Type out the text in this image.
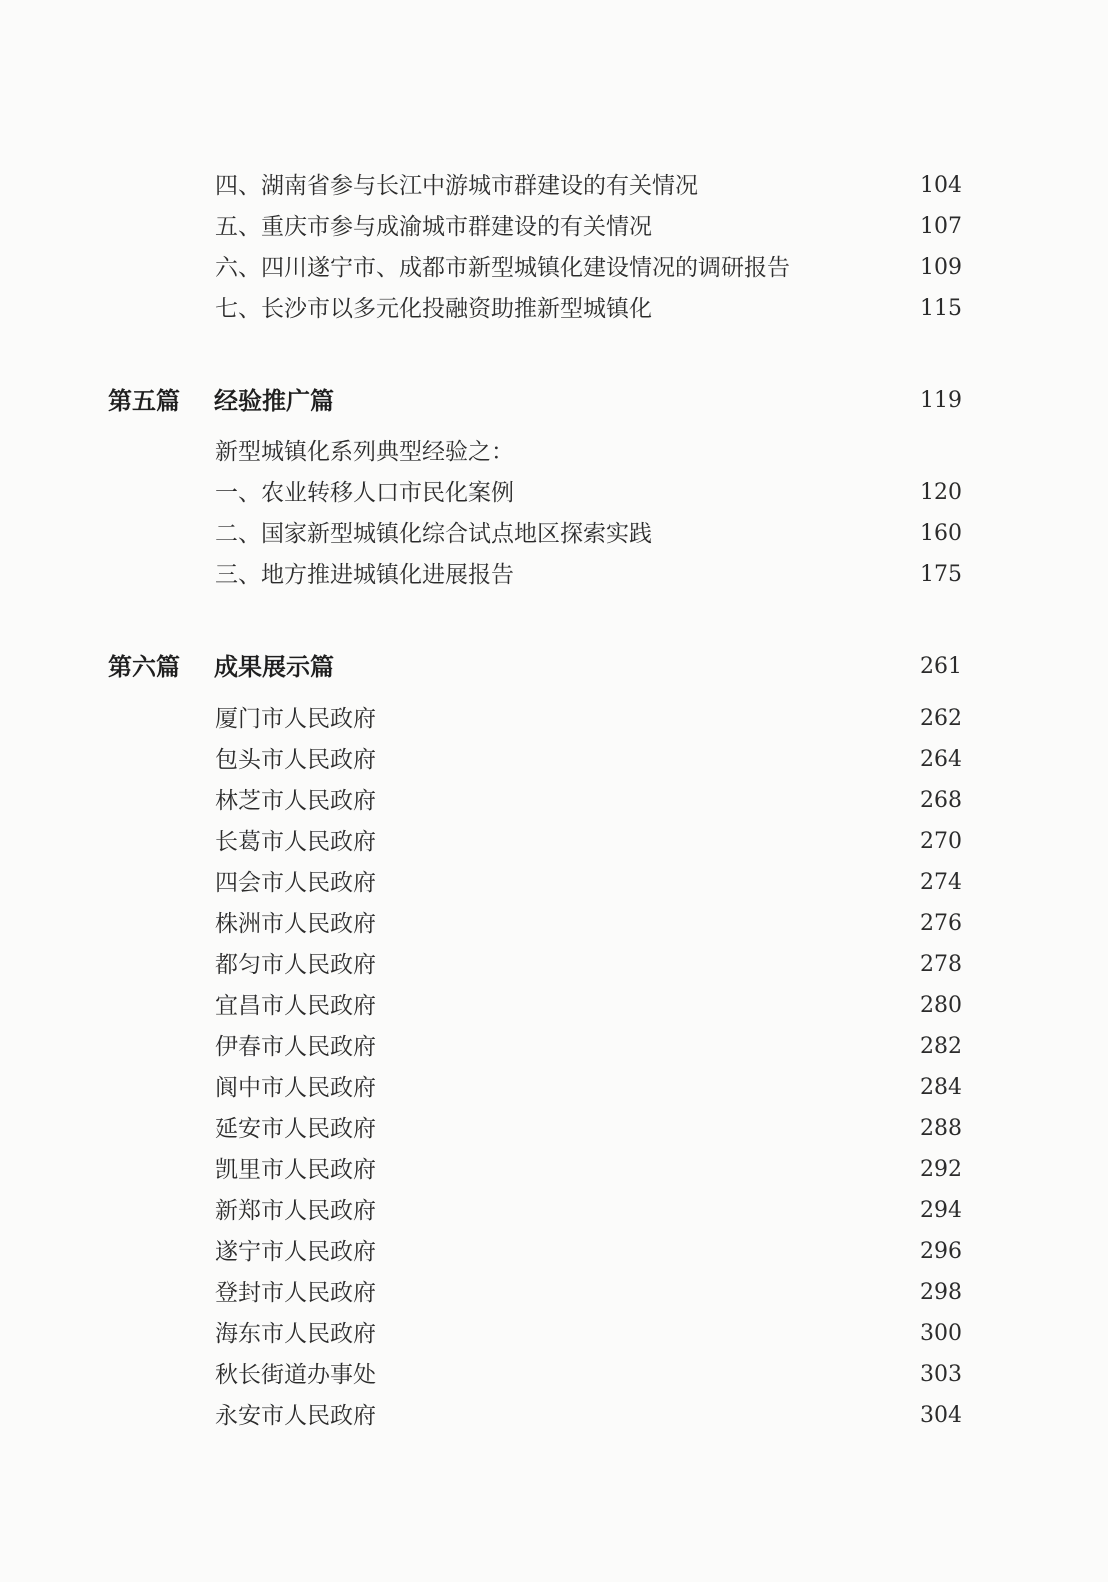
四、湖南省参与长江中游城市群建设的有关情况	104
五、重庆市参与成渝城市群建设的有关情况	107
六、四川遂宁市、成都市新型城镇化建设情况的调研报告	109
七、长沙市以多元化投融资助推新型城镇化	115
第五篇 经验推广篇	119
新型城镇化系列典型经验之：
一、农业转移人口市民化案例	120
二、国家新型城镇化综合试点地区探索实践	160
三、地方推进城镇化进展报告	175
第六篇 成果展示篇	261
厦门市人民政府	262
包头市人民政府	264
林芝市人民政府	268
长葛市人民政府	270
四会市人民政府	274
株洲市人民政府	276
都匀市人民政府	278
宜昌市人民政府	280
伊春市人民政府	282
阆中市人民政府	284
延安市人民政府	288
凯里市人民政府	292
新郑市人民政府	294
遂宁市人民政府	296
登封市人民政府	298
海东市人民政府	300
秋长街道办事处	303
永安市人民政府	304
